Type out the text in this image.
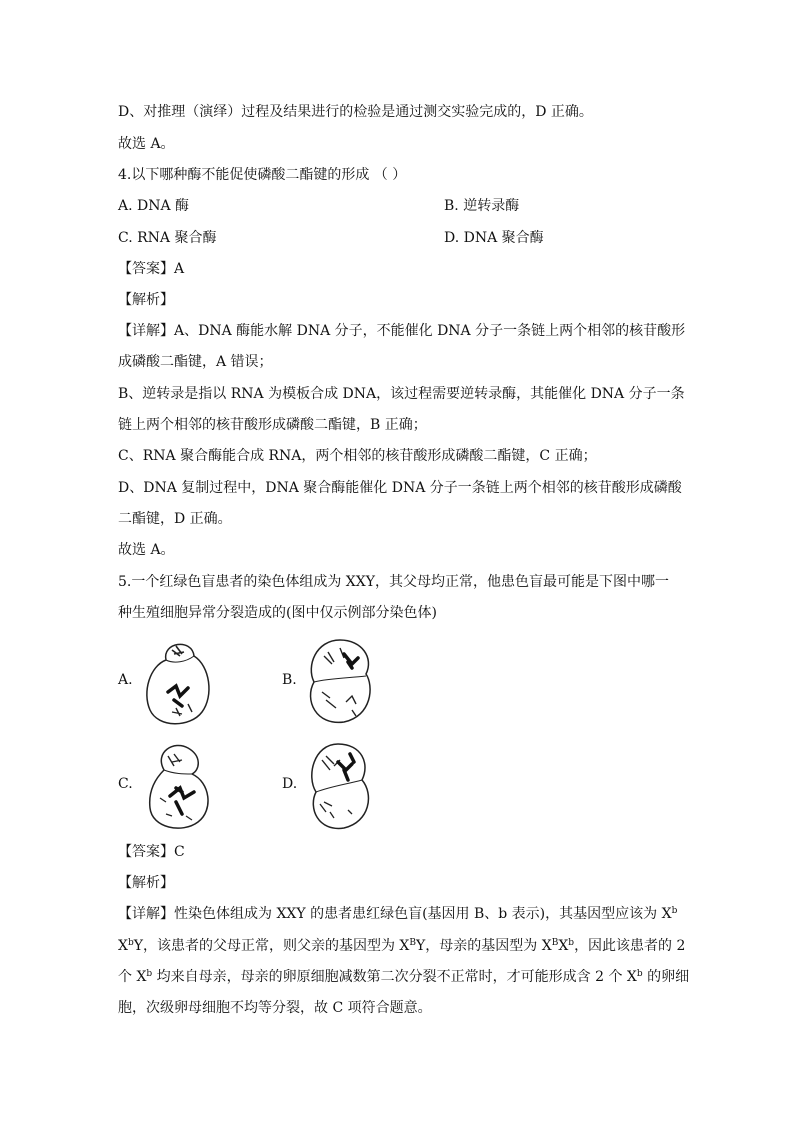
D、对推理（演绎）过程及结果进行的检验是通过测交实验完成的，D 正确。
故选 A。
4.以下哪种酶不能促使磷酸二酯键的形成 （ ）
A. DNA 酶	B. 逆转录酶
C. RNA 聚合酶	D. DNA 聚合酶
【答案】A
【解析】
【详解】A、DNA 酶能水解 DNA 分子，不能催化 DNA 分子一条链上两个相邻的核苷酸形
成磷酸二酯键，A 错误；
B、逆转录是指以 RNA 为模板合成 DNA，该过程需要逆转录酶，其能催化 DNA 分子一条
链上两个相邻的核苷酸形成磷酸二酯键，B 正确；
C、RNA 聚合酶能合成 RNA，两个相邻的核苷酸形成磷酸二酯键，C 正确；
D、DNA 复制过程中，DNA 聚合酶能催化 DNA 分子一条链上两个相邻的核苷酸形成磷酸
二酯键，D 正确。
故选 A。
5.一个红绿色盲患者的染色体组成为 XXY，其父母均正常，他患色盲最可能是下图中哪一
种生殖细胞异常分裂造成的(图中仅示例部分染色体)
A.	B.
C.	D.
【答案】C
【解析】
【详解】性染色体组成为 XXY 的患者患红绿色盲(基因用 B、b 表示)，其基因型应该为 $X^b$
$X^bY$，该患者的父母正常，则父亲的基因型为 $X^BY$，母亲的基因型为 $X^BX^b$，因此该患者的 2
个 $X^b$ 均来自母亲，母亲的卵原细胞减数第二次分裂不正常时，才可能形成含 2 个 $X^b$ 的卵细
胞，次级卵母细胞不均等分裂，故 C 项符合题意。
